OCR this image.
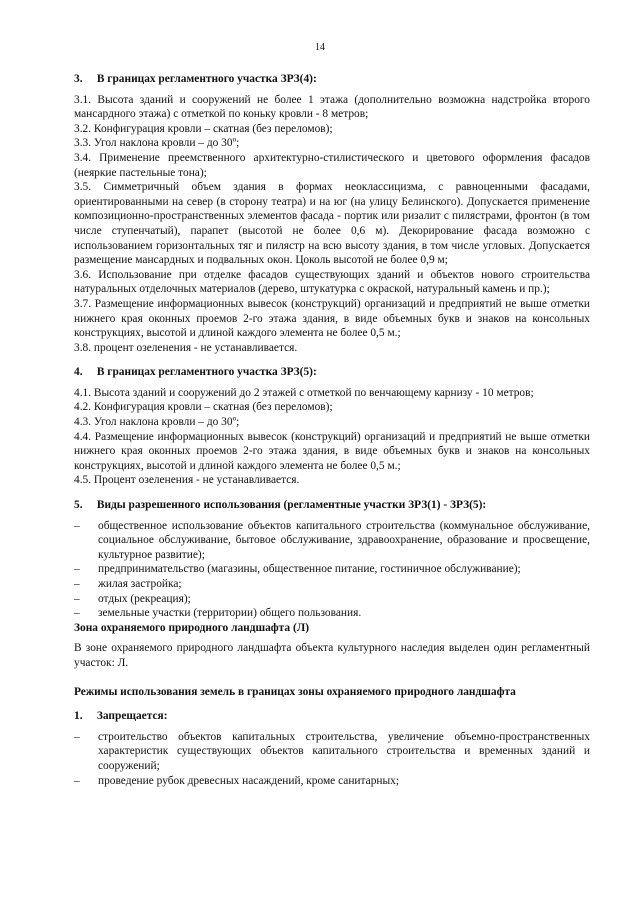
14
3. В границах регламентного участка ЗРЗ(4):

3.1. Высота зданий и сооружений не более 1 этажа (дополнительно возможна надстройка второго мансардного этажа) с отметкой по коньку кровли - 8 метров;

3.2. Конфигурация кровли – скатная (без переломов);

3.3. Угол наклона кровли – до 30º;

3.4. Применение преемственного архитектурно-стилистического и цветового оформления фасадов (неяркие пастельные тона);

3.5. Симметричный объем здания в формах неоклассицизма, с равноценными фасадами, ориентированными на север (в сторону театра) и на юг (на улицу Белинского). Допускается применение композиционно-пространственных элементов фасада - портик или ризалит с пилястрами, фронтон (в том числе ступенчатый), парапет (высотой не более 0,6 м). Декорирование фасада возможно с использованием горизонтальных тяг и пилястр на всю высоту здания, в том числе угловых. Допускается размещение мансардных и подвальных окон. Цоколь высотой не более 0,9 м;

3.6. Использование при отделке фасадов существующих зданий и объектов нового строительства натуральных отделочных материалов (дерево, штукатурка с окраской, натуральный камень и пр.);

3.7. Размещение информационных вывесок (конструкций) организаций и предприятий не выше отметки нижнего края оконных проемов 2-го этажа здания, в виде объемных букв и знаков на консольных конструкциях, высотой и длиной каждого элемента не более 0,5 м.;

3.8. процент озеленения - не устанавливается.

4. В границах регламентного участка ЗРЗ(5):

4.1. Высота зданий и сооружений до 2 этажей с отметкой по венчающему карнизу - 10 метров;

4.2. Конфигурация кровли – скатная (без переломов);

4.3. Угол наклона кровли – до 30º;

4.4. Размещение информационных вывесок (конструкций) организаций и предприятий не выше отметки нижнего края оконных проемов 2-го этажа здания, в виде объемных букв и знаков на консольных конструкциях, высотой и длиной каждого элемента не более 0,5 м.;

4.5. Процент озеленения - не устанавливается.

5. Виды разрешенного использования (регламентные участки ЗРЗ(1) - ЗРЗ(5):
– общественное использование объектов капитального строительства (коммунальное обслуживание, социальное обслуживание, бытовое обслуживание, здравоохранение, образование и просвещение, культурное развитие);
– предпринимательство (магазины, общественное питание, гостиничное обслуживание);
– жилая застройка;
– отдых (рекреация);
– земельные участки (территории) общего пользования.
Зона охраняемого природного ландшафта (Л)

В зоне охраняемого природного ландшафта объекта культурного наследия выделен один регламентный участок: Л.

Режимы использования земель в границах зоны охраняемого природного ландшафта
1. Запрещается:
– строительство объектов капитальных строительства, увеличение объемно-пространственных характеристик существующих объектов капитального строительства и временных зданий и сооружений;
– проведение рубок древесных насаждений, кроме санитарных;
